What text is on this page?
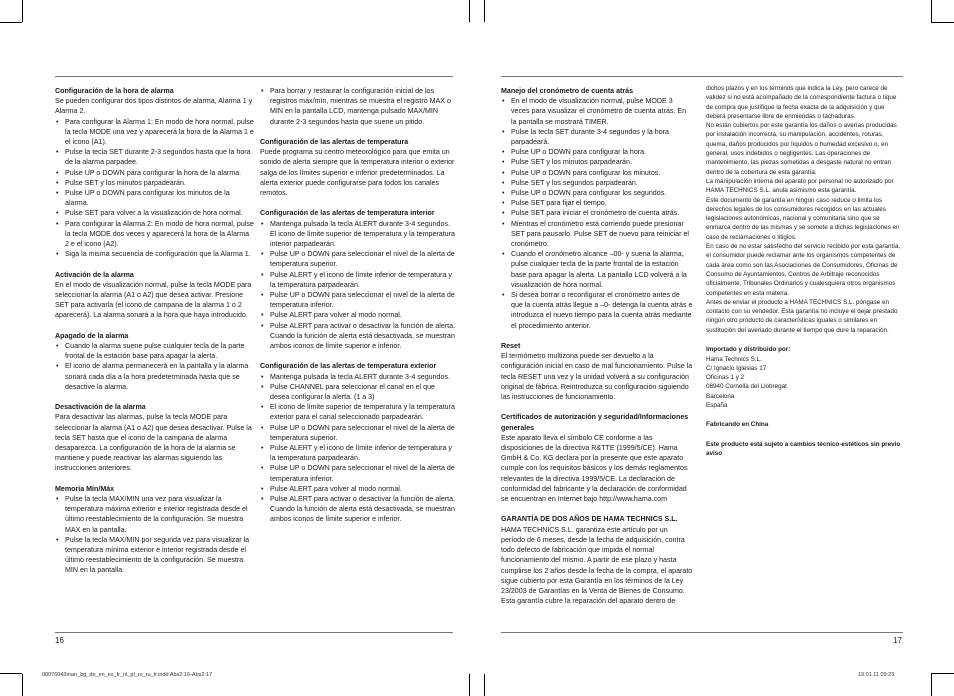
Configuración de la hora de alarma
Se pueden configurar dos tipos distintos de alarma, Alarma 1 y Alarma 2.
• Para configurar la Alarma 1: En modo de hora normal, pulse la tecla MODE una vez y aparecerá la hora de la Alarma 1 e el icono (A1).
• Pulse la tecla SET durante 2-3 segundos hasta que la hora de la alarma parpadee.
• Pulse UP o DOWN para configurar la hora de la alarma.
• Pulse SET y los minutos parpadearán.
• Pulse UP o DOWN para configurar los minutos de la alarma.
• Pulse SET para volver a la visualización de hora normal.
• Para configurar la Alarma 2: En modo de hora normal, pulse la tecla MODE dos veces y aparecerá la hora de la Alarma 2 e el icono (A2).
• Siga la misma secuencia de configuración que la Alarma 1.
Activación de la alarma
En el modo de visualización normal, pulse la tecla MODE para seleccionar la alarma (A1 o A2) que desea activar. Presione SET para activarla (el icono de campana de la alarma 1 o 2 aparecerá). La alarma sonará a la hora que haya introducido.
Apagado de la alarma
• Cuando la alarma suene pulse cualquier tecla de la parte frontal de la estación base para apagar la alerta.
• El icono de alarma permanecerá en la pantalla y la alarma sonará cada día a la hora predeterminada hasta que se desactive la alarma.
Desactivación de la alarma
Para desactivar las alarmas, pulse la tecla MODE para seleccionar la alarma (A1 o A2) que desea desactivar. Pulse la tecla SET hasta que el icono de la campana de alarma desaparezca. La configuración de la hora de la alarma se mantiene y puede reactivar las alarmas siguiendo las instrucciones anteriores.
Memoria Mín/Máx
• Pulse la tecla MAX/MIN una vez para visualizar la temperatura máxima exterior e interior registrada desde el último reestablecimiento de la configuración. Se muestra MAX en la pantalla.
• Pulse la tecla MAX/MIN por segunda vez para visualizar la temperatura mínima exterior e interior registrada desde el último reestablecimiento de la configuración. Se muestra MIN en la pantalla.
• Para borrar y restaurar la configuración inicial de los registros máx/mín, mientras se muestra el registro MAX o MIN en la pantalla LCD, mantenga pulsado MAX/MIN durante 2-3 segundos hasta que suene un pitido.
Configuración de las alertas de temperatura
Puede programa su centro meteorológico para que emita un sonido de alerta siempre que la temperatura interior o exterior salga de los límites superior e inferior predeterminados. La alerta exterior puede configurarse para todos los canales remotos.
Configuración de las alertas de temperatura interior
• Mantenga pulsada la tecla ALERT durante 3-4 segundos. El icono de límite superior de temperatura y la temperatura interior parpadearán.
• Pulse UP o DOWN para seleccionar el nivel de la alerta de temperatura superior.
• Pulse ALERT y el icono de límite inferior de temperatura y la temperatura parpadearán.
• Pulse UP o DOWN para seleccionar el nivel de la alerta de temperatura inferior.
• Pulse ALERT para volver al modo normal.
• Pulse ALERT para activar o desactivar la función de alerta. Cuando la función de alerta está desactivada, se muestran ambos iconos de límite superior e inferior.
Configuración de las alertas de temperatura exterior
• Mantenga pulsada la tecla ALERT durante 3-4 segundos.
• Pulse CHANNEL para seleccionar el canal en el que desea configurar la alerta. (1 a 3)
• El icono de límite superior de temperatura y la temperatura exterior para el canal seleccionado parpadearán.
• Pulse UP o DOWN para seleccionar el nivel de la alerta de temperatura superior.
• Pulse ALERT y el icono de límite inferior de temperatura y la temperatura parpadearán.
• Pulse UP o DOWN para seleccionar el nivel de la alerta de temperatura inferior.
• Pulse ALERT para volver al modo normal.
• Pulse ALERT para activar o desactivar la función de alerta. Cuando la función de alerta está desactivada, se muestran ambos iconos de límite superior e inferior.
Manejo del cronómetro de cuenta atrás
• En el modo de visualización normal, pulse MODE 3 veces para visualizar el cronómetro de cuenta atrás. En la pantalla se mostrará TIMER.
• Pulse la tecla SET durante 3-4 segundos y la hora parpadeará.
• Pulse UP o DOWN para configurar la hora.
• Pulse SET y los minutos parpadearán.
• Pulse UP o DOWN para configurar los minutos.
• Pulse SET y los segundos parpadearán.
• Pulse UP o DOWN para configurar los segundos.
• Pulse SET para fijar el tiempo.
• Pulse SET para iniciar el cronómetro de cuenta atrás.
• Mientras el cronómetro está corriendo puede presionar SET para pausarlo. Pulse SET de nuevo para reiniciar el cronómetro.
• Cuando el cronómetro alcance –00- y suena la alarma, pulse cualquier tecla de la parte frontal de la estación base para apagar la alerta. La pantalla LCD volverá a la visualización de hora normal.
• Si desea borrar o reconfigurar el cronómetro antes de que la cuenta atrás llegue a –0- detenga la cuenta atrás e introduzca el nuevo tiempo para la cuenta atrás mediante el procedimiento anterior.
Reset
El termómetro multizona puede ser devuelto a la configuración inicial en caso de mal funcionamiento. Pulse la tecla RESET una vez y la unidad volverá a su configuración original de fábrica. Reintroduzca su configuración siguiendo las instrucciones de funcionamiento.
Certificados de autorización y seguridad/Informaciones generales
Este aparato lleva el símbolo CE conforme a las disposiciones de la directiva R&TTE (1999/5/CE). Hama GmbH & Co. KG declara por la presente que este aparato cumple con los requisitos básicos y los demás reglamentos relevantes de la directiva 1999/5/CE. La declaración de conformidad del fabricante y la declaración de conformidad se encuentran en Internet bajo http://www.hama.com
GARANTÍA DE DOS AÑOS DE HAMA TECHNICS S.L.
HAMA TECHNICS S.L. garantiza este artículo por un período de 6 meses, desde la fecha de adquisición, contra todo defecto de fabricación que impida el normal funcionamiento del mismo. A partir de ese plazo y hasta cumplirse los 2 años desde la fecha de la compra, el aparato sigue cubierto por esta Garantía en los términos de la Ley 23/2003 de Garantías en la Venta de Bienes de Consumo.
Esta garantía cubre la reparación del aparato dentro de
dichos plazos y en los términos que indica la Ley, pero carece de validez si no está acompañado de la correspondiente factura o tique de compra que justifique la fecha exacta de la adquisición y que deberá presentarse libre de enmiendas o tachaduras.
No están cubiertos por este garantía los daños o averías producidas por instalación incorrecta, su manipulación, accidentes, roturas, quema, daños producidos por líquidos o humedad excesivo o, en general, usos indebidos o negligentes. Las operaciones de mantenimiento, las piezas sometidas a desgaste natural no entran dentro de la cobertura de esta garantía.
La manipulación interna del aparato por personal no autorizado por HAMA TECHNICS S.L. anula asimismo esta garantía.
Este documento de garantía en ningún caso reduce o limita los derechos legales de los consumidores recogidos en las actuales legislaciones autonómicas, nacional y comunitaria sino que se enmarca dentro de las mismas y se somete a dichas legislaciones en caso de reclamaciones o litigios.
En caso de no estar satisfecho del servicio recibido por esta garantía, el consumidor puede reclamar ante los organismos competentes de cada área como son las Asociaciones de Consumidores, Oficinas de Consumo de Ayuntamientos, Centros de Arbitraje reconocidos oficialmente, Tribunales Ordinarios y cualesquiera otros organismos competentes en esta materia.
Antes de enviar el producto a HAMA TECHNICS S.L. póngase en contacto con su vendedor. Esta garantía no incluye el dejar prestado ningún otro producto de características iguales o similares en sustitución del averiado durante el tiempo que dure la reparación.
Importado y distribuido por:
Hama Technics S.L.
C/ Ignacio Iglesias 17
Oficinas 1 y 2
08940 Cornellà del Llobregat
Barcelona
España
Fabricando en China
Este producto está sujeto a cambios técnico-estéticos sin previo aviso
16	17
00076043man_bg_de_en_es_fr_nl_pl_ro_ru_tr.indd Abs2:16-Abs2:17	19.01.11 09:23
